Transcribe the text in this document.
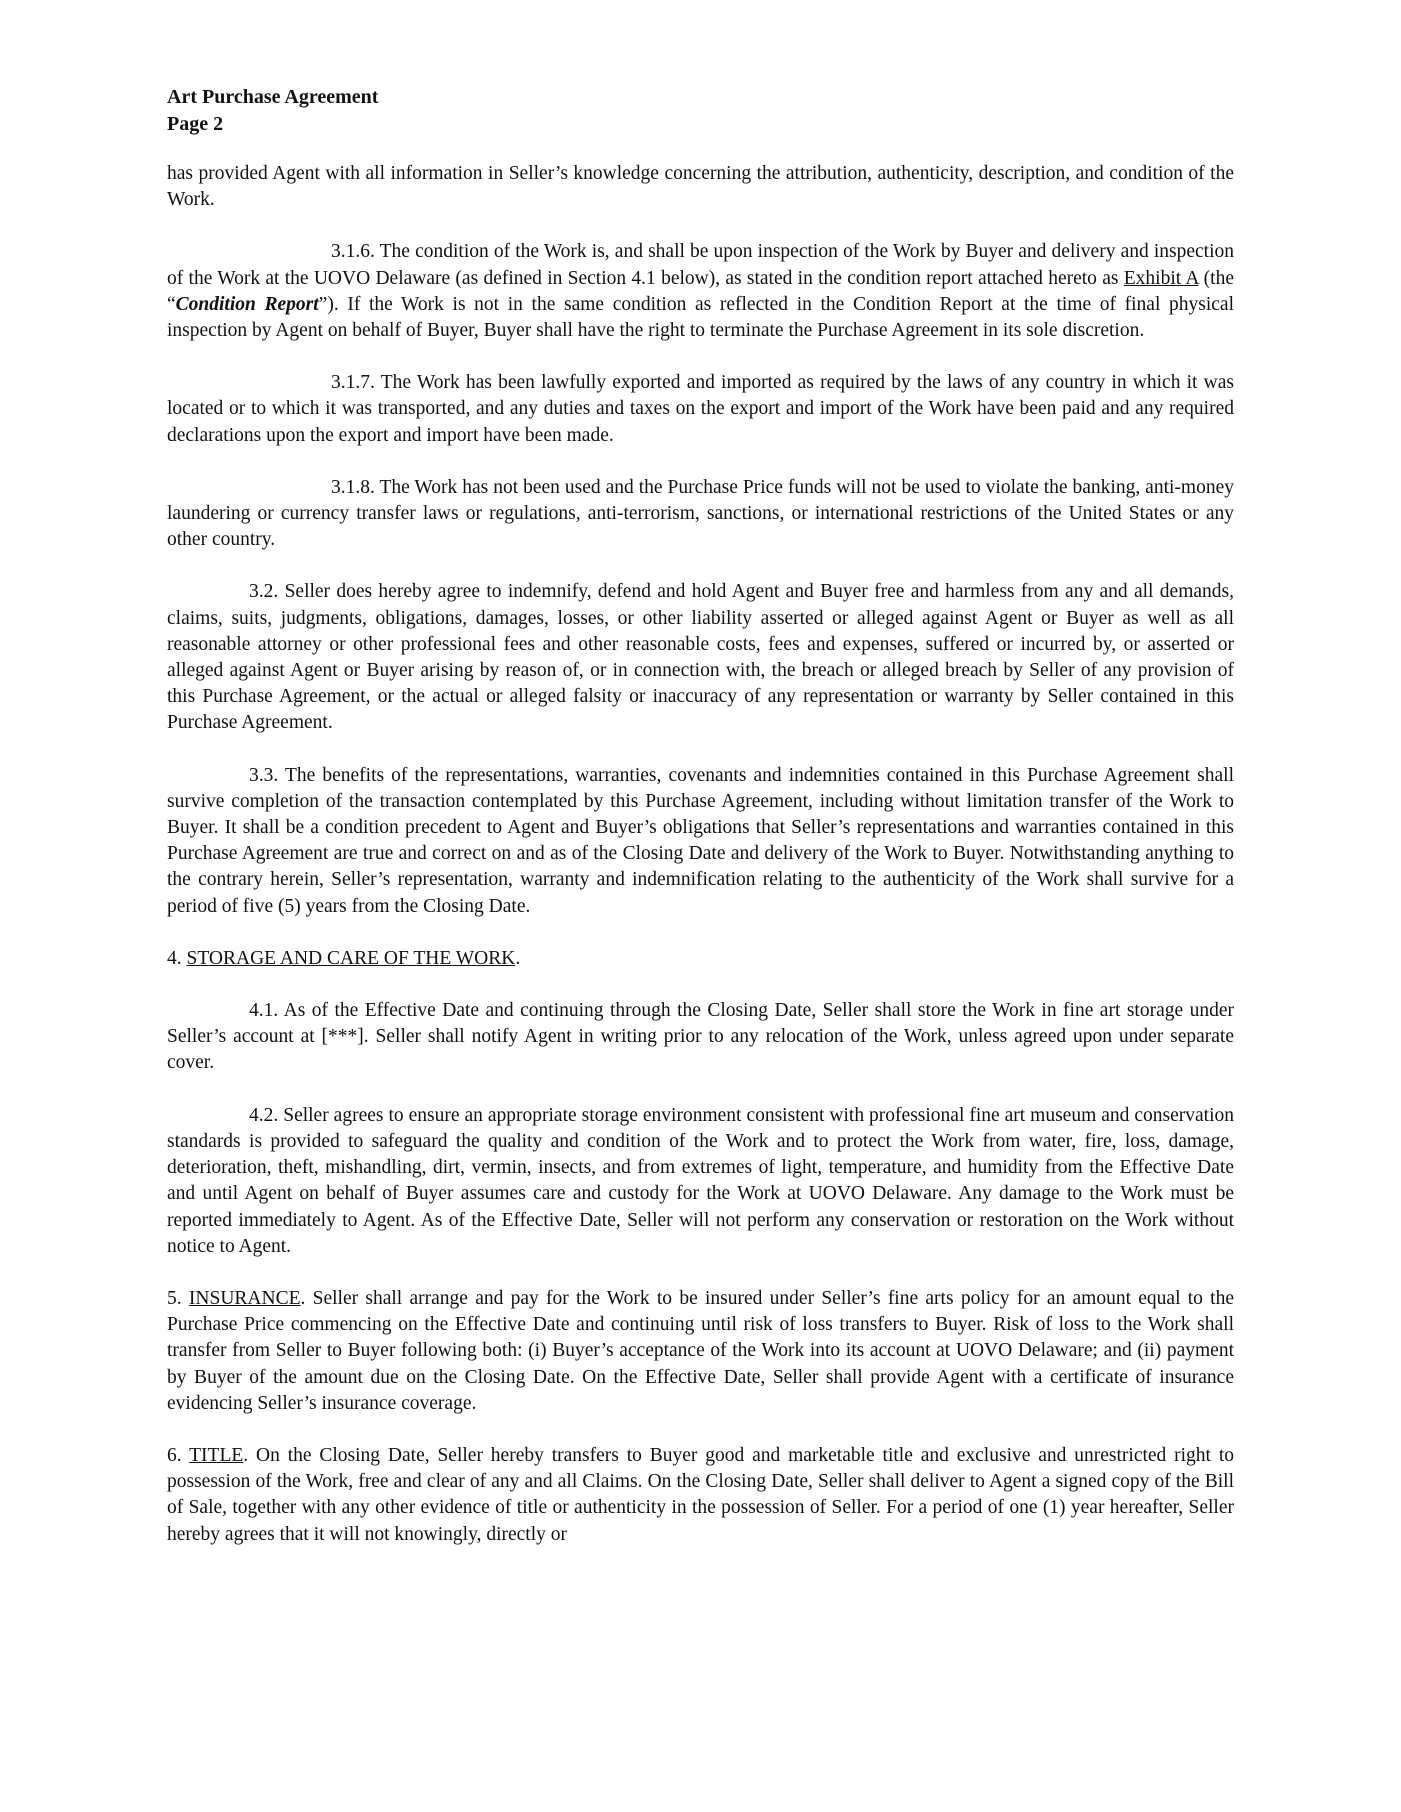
Art Purchase Agreement
Page 2

has provided Agent with all information in Seller’s knowledge concerning the attribution, authenticity, description, and condition of the Work.

3.1.6. The condition of the Work is, and shall be upon inspection of the Work by Buyer and delivery and inspection of the Work at the UOVO Delaware (as defined in Section 4.1 below), as stated in the condition report attached hereto as Exhibit A (the “Condition Report”). If the Work is not in the same condition as reflected in the Condition Report at the time of final physical inspection by Agent on behalf of Buyer, Buyer shall have the right to terminate the Purchase Agreement in its sole discretion.

3.1.7. The Work has been lawfully exported and imported as required by the laws of any country in which it was located or to which it was transported, and any duties and taxes on the export and import of the Work have been paid and any required declarations upon the export and import have been made.

3.1.8. The Work has not been used and the Purchase Price funds will not be used to violate the banking, anti-money laundering or currency transfer laws or regulations, anti-terrorism, sanctions, or international restrictions of the United States or any other country.

3.2. Seller does hereby agree to indemnify, defend and hold Agent and Buyer free and harmless from any and all demands, claims, suits, judgments, obligations, damages, losses, or other liability asserted or alleged against Agent or Buyer as well as all reasonable attorney or other professional fees and other reasonable costs, fees and expenses, suffered or incurred by, or asserted or alleged against Agent or Buyer arising by reason of, or in connection with, the breach or alleged breach by Seller of any provision of this Purchase Agreement, or the actual or alleged falsity or inaccuracy of any representation or warranty by Seller contained in this Purchase Agreement.

3.3. The benefits of the representations, warranties, covenants and indemnities contained in this Purchase Agreement shall survive completion of the transaction contemplated by this Purchase Agreement, including without limitation transfer of the Work to Buyer. It shall be a condition precedent to Agent and Buyer’s obligations that Seller’s representations and warranties contained in this Purchase Agreement are true and correct on and as of the Closing Date and delivery of the Work to Buyer. Notwithstanding anything to the contrary herein, Seller’s representation, warranty and indemnification relating to the authenticity of the Work shall survive for a period of five (5) years from the Closing Date.

4. STORAGE AND CARE OF THE WORK.

4.1. As of the Effective Date and continuing through the Closing Date, Seller shall store the Work in fine art storage under Seller’s account at [***]. Seller shall notify Agent in writing prior to any relocation of the Work, unless agreed upon under separate cover.

4.2. Seller agrees to ensure an appropriate storage environment consistent with professional fine art museum and conservation standards is provided to safeguard the quality and condition of the Work and to protect the Work from water, fire, loss, damage, deterioration, theft, mishandling, dirt, vermin, insects, and from extremes of light, temperature, and humidity from the Effective Date and until Agent on behalf of Buyer assumes care and custody for the Work at UOVO Delaware. Any damage to the Work must be reported immediately to Agent. As of the Effective Date, Seller will not perform any conservation or restoration on the Work without notice to Agent.

5. INSURANCE. Seller shall arrange and pay for the Work to be insured under Seller’s fine arts policy for an amount equal to the Purchase Price commencing on the Effective Date and continuing until risk of loss transfers to Buyer. Risk of loss to the Work shall transfer from Seller to Buyer following both: (i) Buyer’s acceptance of the Work into its account at UOVO Delaware; and (ii) payment by Buyer of the amount due on the Closing Date. On the Effective Date, Seller shall provide Agent with a certificate of insurance evidencing Seller’s insurance coverage.

6. TITLE. On the Closing Date, Seller hereby transfers to Buyer good and marketable title and exclusive and unrestricted right to possession of the Work, free and clear of any and all Claims. On the Closing Date, Seller shall deliver to Agent a signed copy of the Bill of Sale, together with any other evidence of title or authenticity in the possession of Seller. For a period of one (1) year hereafter, Seller hereby agrees that it will not knowingly, directly or
